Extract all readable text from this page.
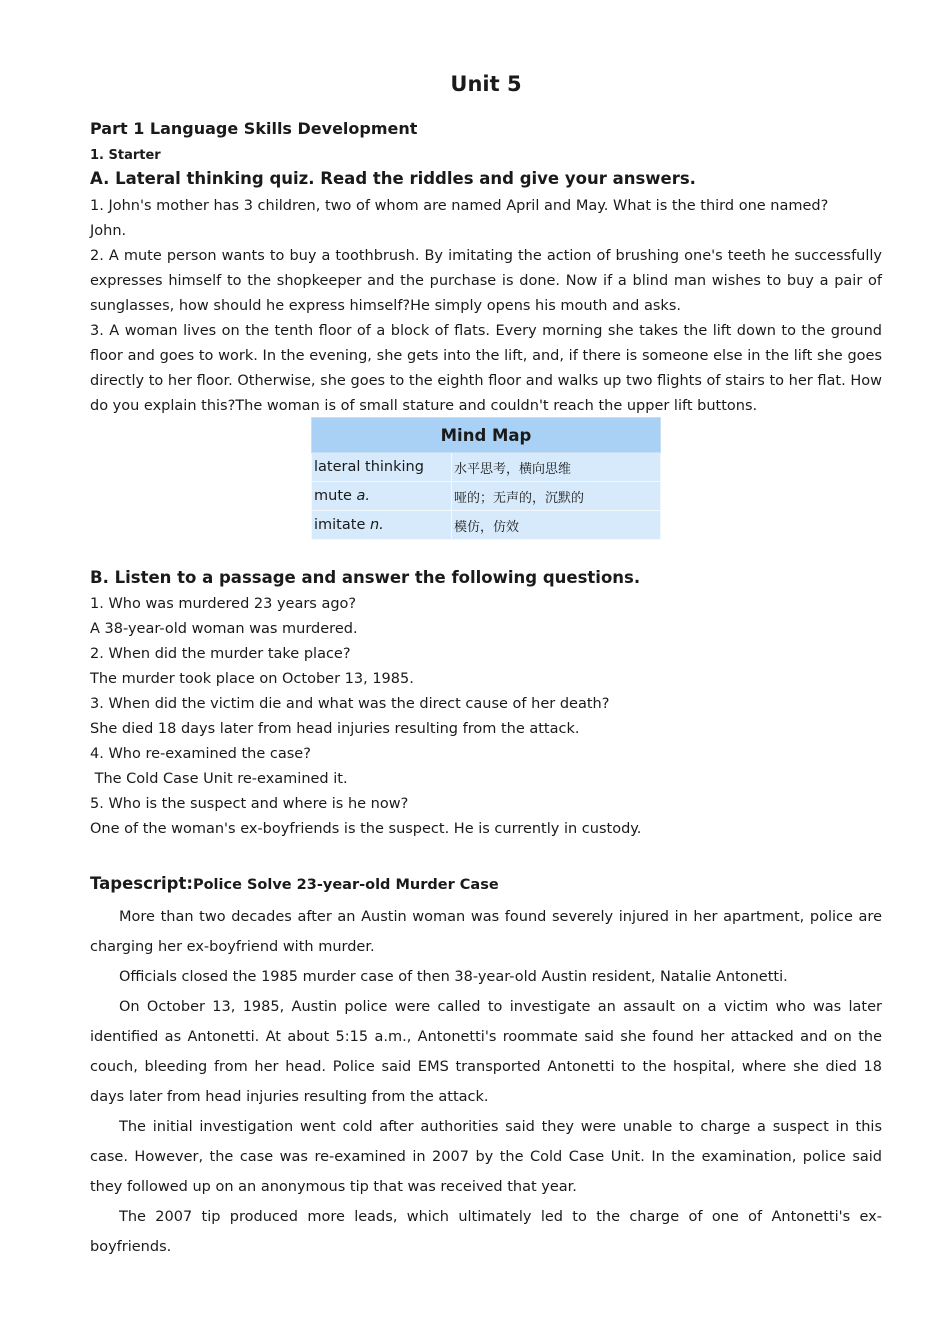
Unit 5
Part 1 Language Skills Development
1. Starter
A. Lateral thinking quiz. Read the riddles and give your answers.

1. John's mother has 3 children, two of whom are named April and May. What is the third one named?

John.

2. A mute person wants to buy a toothbrush. By imitating the action of brushing one's teeth he successfully expresses himself to the shopkeeper and the purchase is done. Now if a blind man wishes to buy a pair of sunglasses, how should he express himself?He simply opens his mouth and asks.

3. A woman lives on the tenth floor of a block of flats. Every morning she takes the lift down to the ground floor and goes to work. In the evening, she gets into the lift, and, if there is someone else in the lift she goes directly to her floor. Otherwise, she goes to the eighth floor and walks up two flights of stairs to her flat. How do you explain this?The woman is of small stature and couldn't reach the upper lift buttons.

Mind Map	
lateral thinking	水平思考，横向思维
mute a.	哑的；无声的，沉默的
imitate n.	模仿，仿效
B. Listen to a passage and answer the following questions.

1. Who was murdered 23 years ago?

A 38-year-old woman was murdered.

2. When did the murder take place?

The murder took place on October 13, 1985.

3. When did the victim die and what was the direct cause of her death?

She died 18 days later from head injuries resulting from the attack.

4. Who re-examined the case?

The Cold Case Unit re-examined it.

5. Who is the suspect and where is he now?

One of the woman's ex-boyfriends is the suspect. He is currently in custody.

Tapescript:Police Solve 23-year-old Murder Case

More than two decades after an Austin woman was found severely injured in her apartment, police are charging her ex-boyfriend with murder.

Officials closed the 1985 murder case of then 38-year-old Austin resident, Natalie Antonetti.

On October 13, 1985, Austin police were called to investigate an assault on a victim who was later identified as Antonetti. At about 5:15 a.m., Antonetti's roommate said she found her attacked and on the couch, bleeding from her head. Police said EMS transported Antonetti to the hospital, where she died 18 days later from head injuries resulting from the attack.

The initial investigation went cold after authorities said they were unable to charge a suspect in this case. However, the case was re-examined in 2007 by the Cold Case Unit. In the examination, police said they followed up on an anonymous tip that was received that year.

The 2007 tip produced more leads, which ultimately led to the charge of one of Antonetti's ex-boyfriends.
